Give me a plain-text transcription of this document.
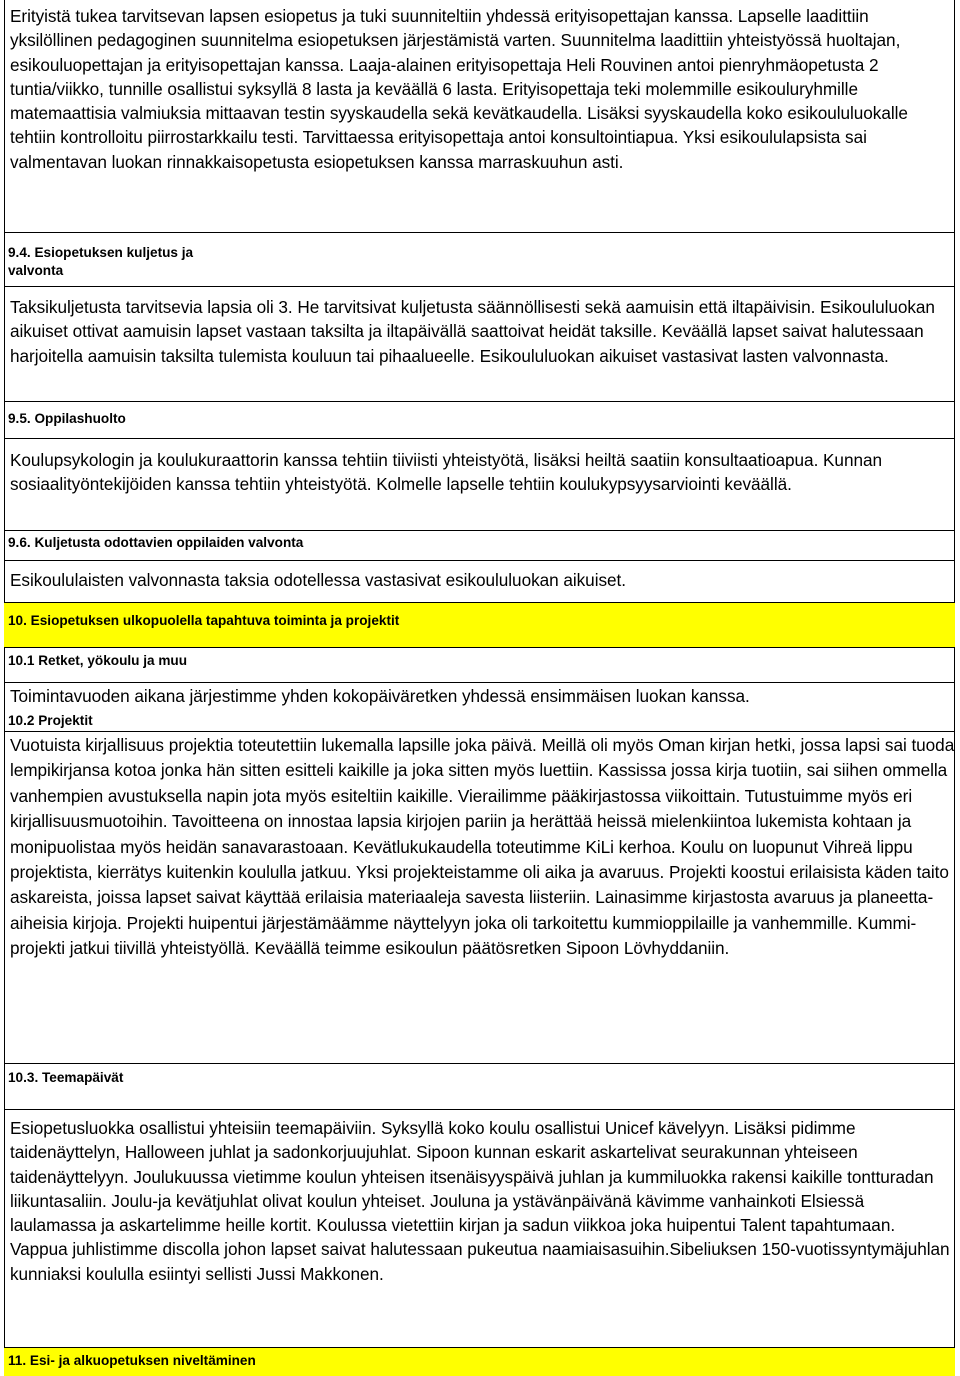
Erityistä tukea tarvitsevan lapsen esiopetus ja tuki suunniteltiin yhdessä erityisopettajan kanssa. Lapselle laadittiin yksilöllinen pedagoginen suunnitelma esiopetuksen järjestämistä varten. Suunnitelma laadittiin yhteistyössä huoltajan, esikouluopettajan ja erityisopettajan kanssa. Laaja-alainen erityisopettaja Heli Rouvinen antoi pienryhmäopetusta 2 tuntia/viikko, tunnille osallistui syksyllä 8 lasta ja keväällä 6 lasta. Erityisopettaja teki molemmille esikouluryhmille matemaattisia valmiuksia mittaavan testin syyskaudella sekä kevätkaudella. Lisäksi syyskaudella koko esikoululuokalle tehtiin kontrolloitu piirrostarkkailu testi. Tarvittaessa erityisopettaja antoi konsultointiapua. Yksi esikoululapsista sai valmentavan luokan rinnakkaisopetusta esiopetuksen kanssa marraskuuhun asti.

9.4. Esiopetuksen kuljetus ja
valvonta

Taksikuljetusta tarvitsevia lapsia oli 3. He tarvitsivat kuljetusta säännöllisesti sekä aamuisin että iltapäivisin. Esikoululuokan aikuiset ottivat aamuisin lapset vastaan taksilta ja iltapäivällä saattoivat heidät taksille. Keväällä lapset saivat halutessaan harjoitella aamuisin taksilta tulemista kouluun tai pihaalueelle. Esikoululuokan aikuiset vastasivat lasten valvonnasta.

9.5. Oppilashuolto

Koulupsykologin ja koulukuraattorin kanssa tehtiin tiiviisti yhteistyötä, lisäksi heiltä saatiin konsultaatioapua. Kunnan sosiaalityöntekijöiden kanssa tehtiin yhteistyötä. Kolmelle lapselle tehtiin koulukypsyysarviointi keväällä.

9.6. Kuljetusta odottavien oppilaiden valvonta

Esikoululaisten valvonnasta taksia odotellessa vastasivat esikoululuokan aikuiset.

10. Esiopetuksen ulkopuolella tapahtuva toiminta ja projektit

10.1 Retket, yökoulu ja muu

Toimintavuoden aikana järjestimme yhden kokopäiväretken yhdessä ensimmäisen luokan kanssa.

10.2 Projektit

Vuotuista kirjallisuus projektia toteutettiin lukemalla lapsille joka päivä. Meillä oli myös Oman kirjan hetki, jossa lapsi sai tuoda lempikirjansa kotoa jonka hän sitten esitteli kaikille ja joka sitten myös luettiin. Kassissa jossa kirja tuotiin, sai siihen ommella vanhempien avustuksella napin jota myös esiteltiin kaikille. Vierailimme pääkirjastossa viikoittain. Tutustuimme myös eri kirjallisuusmuotoihin. Tavoitteena on innostaa lapsia kirjojen pariin ja herättää heissä mielenkiintoa lukemista kohtaan ja monipuolistaa myös heidän sanavarastoaan. Kevätlukukaudella toteutimme KiLi kerhoa. Koulu on luopunut Vihreä lippu projektista, kierrätys kuitenkin koululla jatkuu. Yksi projekteistamme oli aika ja avaruus. Projekti koostui erilaisista käden taito askareista, joissa lapset saivat käyttää erilaisia materiaaleja savesta liisteriin. Lainasimme kirjastosta avaruus ja planeetta-aiheisia kirjoja. Projekti huipentui järjestämäämme näyttelyyn joka oli tarkoitettu kummioppilaille ja vanhemmille. Kummi-projekti jatkui tiivillä yhteistyöllä. Keväällä teimme esikoulun päätösretken Sipoon Lövhyddaniin.

10.3. Teemapäivät

Esiopetusluokka osallistui yhteisiin teemapäiviin. Syksyllä koko koulu osallistui Unicef kävelyyn. Lisäksi pidimme taidenäyttelyn, Halloween juhlat ja sadonkorjuujuhlat. Sipoon kunnan eskarit askartelivat seurakunnan yhteiseen taidenäyttelyyn. Joulukuussa vietimme koulun yhteisen itsenäisyyspäivä juhlan ja kummiluokka rakensi kaikille tontturadan liikuntasaliin. Joulu-ja kevätjuhlat olivat koulun yhteiset. Jouluna ja ystävänpäivänä kävimme vanhainkoti Elsiessä laulamassa ja askartelimme heille kortit. Koulussa vietettiin kirjan ja sadun viikkoa joka huipentui Talent tapahtumaan. Vappua juhlistimme discolla johon lapset saivat halutessaan pukeutua naamiaisasuihin.Sibeliuksen 150-vuotissyntymäjuhlan kunniaksi koululla esiintyi sellisti Jussi Makkonen.

11. Esi- ja alkuopetuksen niveltäminen
